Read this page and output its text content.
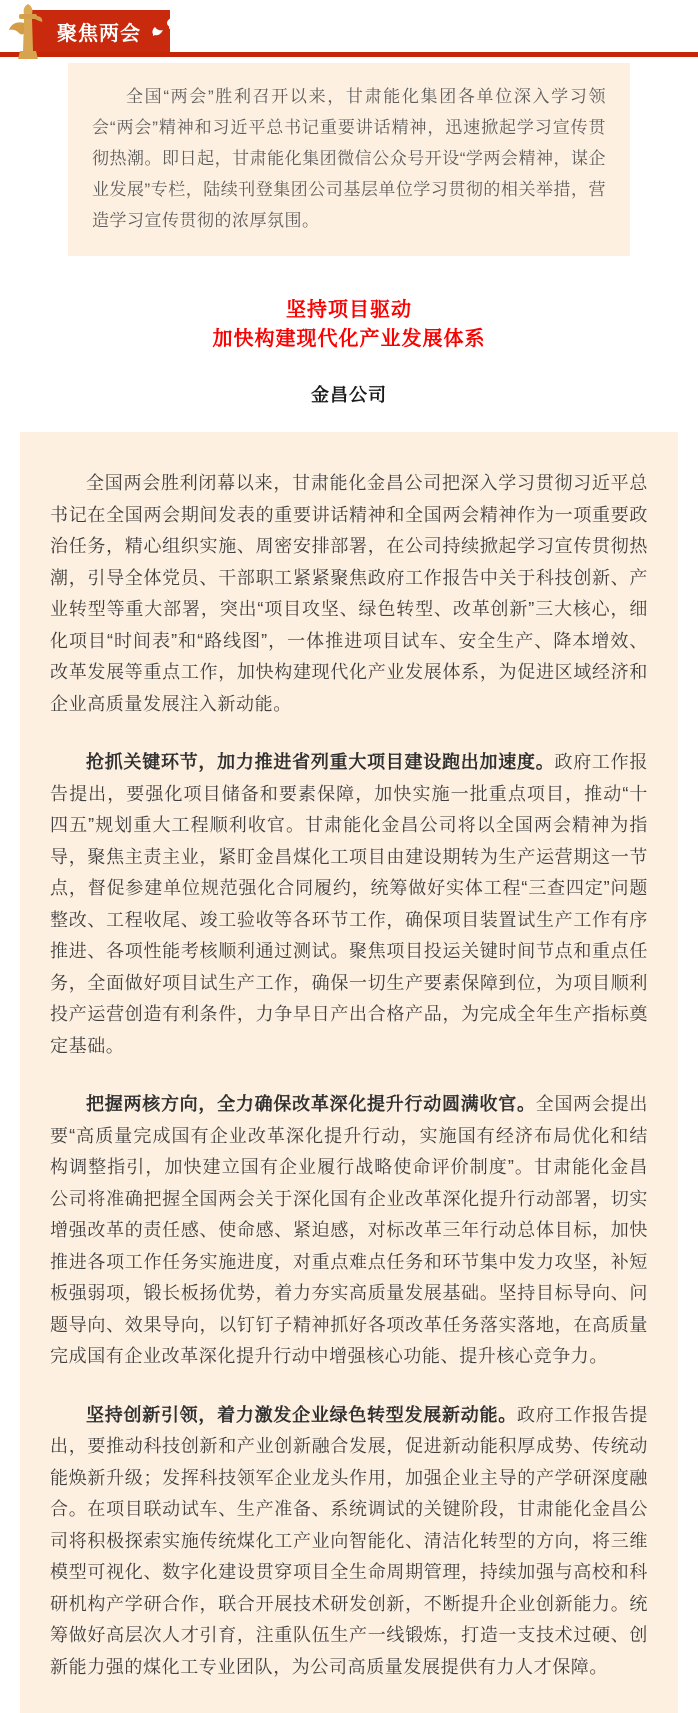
聚焦两会
全国“两会”胜利召开以来，甘肃能化集团各单位深入学习领会“两会”精神和习近平总书记重要讲话精神，迅速掀起学习宣传贯彻热潮。即日起，甘肃能化集团微信公众号开设“学两会精神，谋企业发展”专栏，陆续刊登集团公司基层单位学习贯彻的相关举措，营造学习宣传贯彻的浓厚氛围。
坚持项目驱动
加快构建现代化产业发展体系
金昌公司

全国两会胜利闭幕以来，甘肃能化金昌公司把深入学习贯彻习近平总书记在全国两会期间发表的重要讲话精神和全国两会精神作为一项重要政治任务，精心组织实施、周密安排部署，在公司持续掀起学习宣传贯彻热潮，引导全体党员、干部职工紧紧聚焦政府工作报告中关于科技创新、产业转型等重大部署，突出“项目攻坚、绿色转型、改革创新”三大核心，细化项目“时间表”和“路线图”，一体推进项目试车、安全生产、降本增效、改革发展等重点工作，加快构建现代化产业发展体系，为促进区域经济和企业高质量发展注入新动能。

抢抓关键环节，加力推进省列重大项目建设跑出加速度。政府工作报告提出，要强化项目储备和要素保障，加快实施一批重点项目，推动“十四五”规划重大工程顺利收官。甘肃能化金昌公司将以全国两会精神为指导，聚焦主责主业，紧盯金昌煤化工项目由建设期转为生产运营期这一节点，督促参建单位规范强化合同履约，统筹做好实体工程“三查四定”问题整改、工程收尾、竣工验收等各环节工作，确保项目装置试生产工作有序推进、各项性能考核顺利通过测试。聚焦项目投运关键时间节点和重点任务，全面做好项目试生产工作，确保一切生产要素保障到位，为项目顺利投产运营创造有利条件，力争早日产出合格产品，为完成全年生产指标奠定基础。

把握两核方向，全力确保改革深化提升行动圆满收官。全国两会提出要“高质量完成国有企业改革深化提升行动，实施国有经济布局优化和结构调整指引，加快建立国有企业履行战略使命评价制度”。甘肃能化金昌公司将准确把握全国两会关于深化国有企业改革深化提升行动部署，切实增强改革的责任感、使命感、紧迫感，对标改革三年行动总体目标，加快推进各项工作任务实施进度，对重点难点任务和环节集中发力攻坚，补短板强弱项，锻长板扬优势，着力夯实高质量发展基础。坚持目标导向、问题导向、效果导向，以钉钉子精神抓好各项改革任务落实落地，在高质量完成国有企业改革深化提升行动中增强核心功能、提升核心竞争力。

坚持创新引领，着力激发企业绿色转型发展新动能。政府工作报告提出，要推动科技创新和产业创新融合发展，促进新动能积厚成势、传统动能焕新升级；发挥科技领军企业龙头作用，加强企业主导的产学研深度融合。在项目联动试车、生产准备、系统调试的关键阶段，甘肃能化金昌公司将积极探索实施传统煤化工产业向智能化、清洁化转型的方向，将三维模型可视化、数字化建设贯穿项目全生命周期管理，持续加强与高校和科研机构产学研合作，联合开展技术研发创新，不断提升企业创新能力。统筹做好高层次人才引育，注重队伍生产一线锻炼，打造一支技术过硬、创新能力强的煤化工专业团队，为公司高质量发展提供有力人才保障。
